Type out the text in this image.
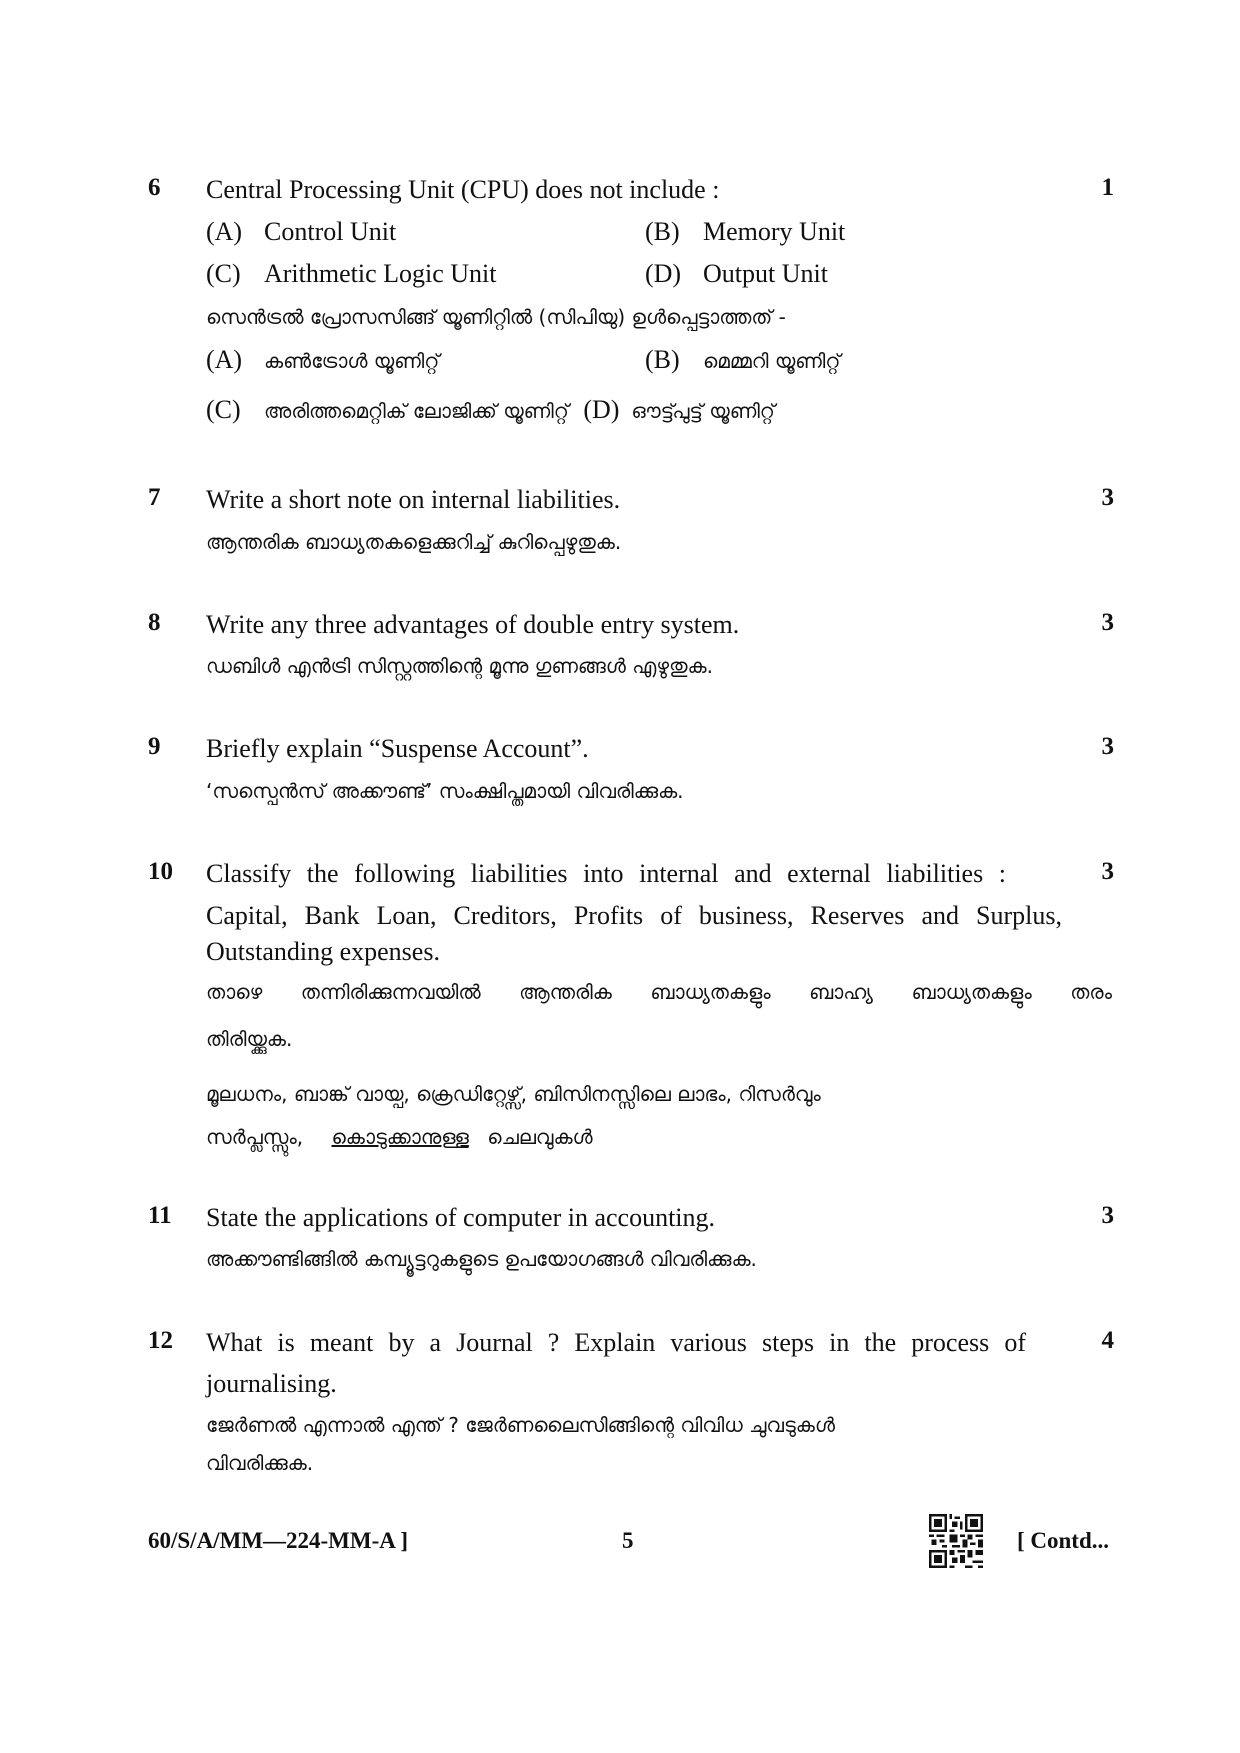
6 Central Processing Unit (CPU) does not include :	1
(A) Control Unit	(B) Memory Unit
(C) Arithmetic Logic Unit	(D) Output Unit
സെൻട്രൽ പ്രോസസിങ്ങ് യൂണിറ്റിൽ (സിപിയു) ഉൾപ്പെട്ടാത്തത് -
(A) കൺട്രോൾ യൂണിറ്റ്	(B) മെമ്മറി യൂണിറ്റ്
(C) അരിത്തമെറ്റിക് ലോജിക്ക് യൂണിറ്റ് (D) ഔട്ട്പുട്ട് യൂണിറ്റ്
7 Write a short note on internal liabilities.	3
ആന്തരിക ബാധ്യതകളെക്കുറിച്ച് കുറിപ്പെഴുതുക.
8 Write any three advantages of double entry system.	3
ഡബിൾ എൻട്രി സിസ്റ്റത്തിന്റെ മൂന്നു ഗുണങ്ങൾ എഴുതുക.
9 Briefly explain “Suspense Account”.	3
‘സസ്പെൻസ് അക്കൗണ്ട്’ സംക്ഷിപ്തമായി വിവരിക്കുക.
10 Classify the following liabilities into internal and external liabilities :	3
Capital, Bank Loan, Creditors, Profits of business, Reserves and Surplus,
Outstanding expenses.
താഴെ തന്നിരിക്കുന്നവയിൽ ആന്തരിക ബാധ്യതകളും ബാഹ്യ ബാധ്യതകളും തരം
തിരിയ്ക്കുക.
മൂലധനം, ബാങ്ക് വായ്പ, ക്രെഡിറ്റേഴ്സ്, ബിസിനസ്സിലെ ലാഭം, റിസർവും
സർപ്ലസ്സും, കൊടുക്കാനുള്ള ചെലവുകൾ
11 State the applications of computer in accounting.	3
അക്കൗണ്ടിങ്ങിൽ കമ്പ്യൂട്ടറുകളുടെ ഉപയോഗങ്ങൾ വിവരിക്കുക.
12 What is meant by a Journal ? Explain various steps in the process of	4
journalising.
ജേർണൽ എന്നാൽ എന്ത് ? ജേർണലൈസിങ്ങിന്റെ വിവിധ ചുവടുകൾ
വിവരിക്കുക.
60/S/A/MM—224-MM-A ]	5	[ Contd...
